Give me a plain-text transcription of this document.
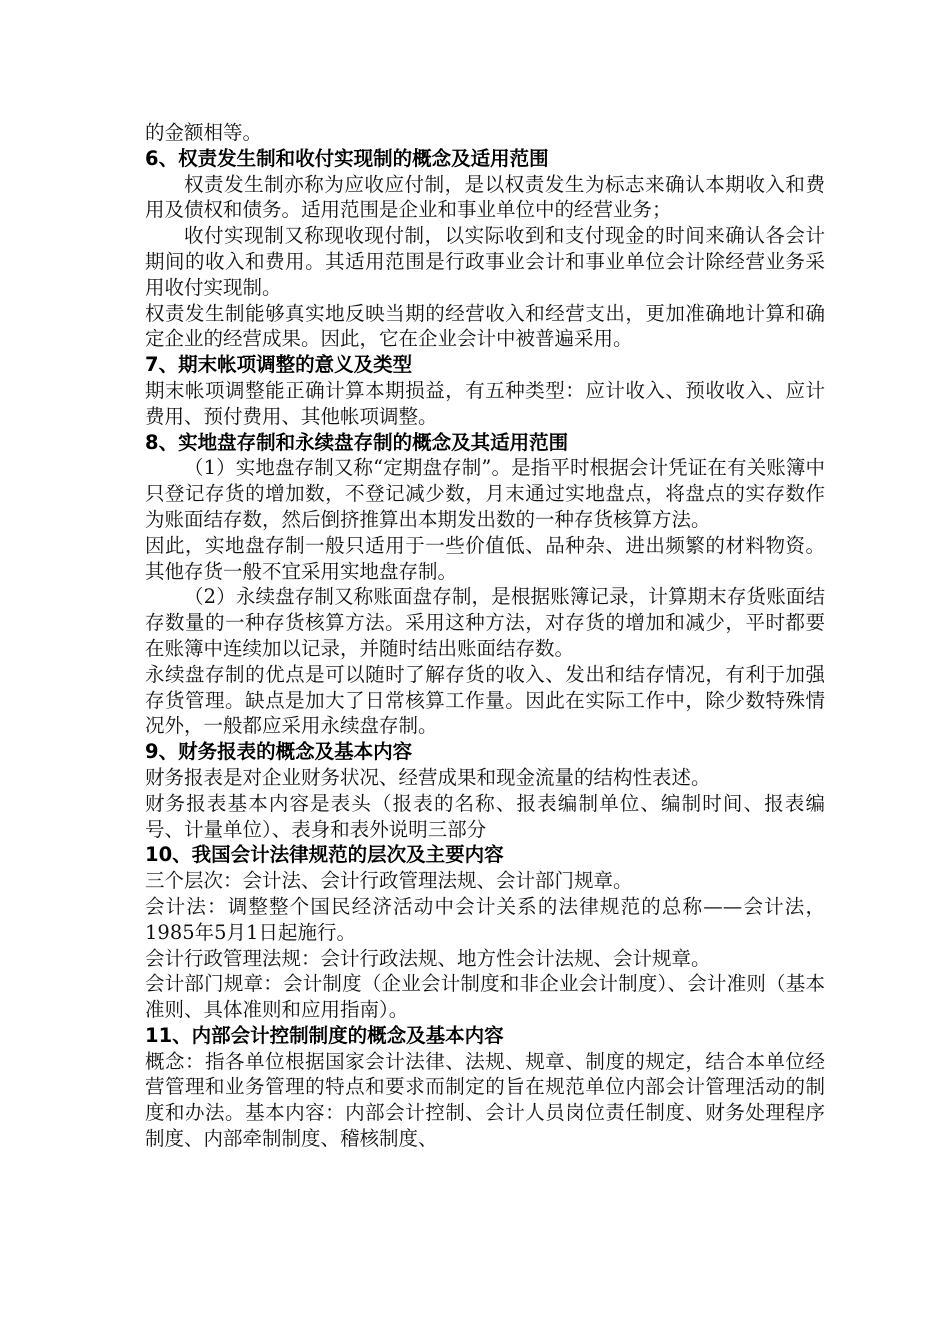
的金额相等。

6、权责发生制和收付实现制的概念及适用范围

权责发生制亦称为应收应付制，是以权责发生为标志来确认本期收入和费用及债权和债务。适用范围是企业和事业单位中的经营业务；

收付实现制又称现收现付制，以实际收到和支付现金的时间来确认各会计期间的收入和费用。其适用范围是行政事业会计和事业单位会计除经营业务采用收付实现制。

权责发生制能够真实地反映当期的经营收入和经营支出，更加准确地计算和确定企业的经营成果。因此，它在企业会计中被普遍采用。

7、期末帐项调整的意义及类型

期末帐项调整能正确计算本期损益，有五种类型：应计收入、预收收入、应计费用、预付费用、其他帐项调整。

8、实地盘存制和永续盘存制的概念及其适用范围

（1）实地盘存制又称“定期盘存制”。是指平时根据会计凭证在有关账簿中只登记存货的增加数，不登记减少数，月末通过实地盘点，将盘点的实存数作为账面结存数，然后倒挤推算出本期发出数的一种存货核算方法。

因此，实地盘存制一般只适用于一些价值低、品种杂、进出频繁的材料物资。其他存货一般不宜采用实地盘存制。

（2）永续盘存制又称账面盘存制，是根据账簿记录，计算期末存货账面结存数量的一种存货核算方法。采用这种方法，对存货的增加和减少，平时都要在账簿中连续加以记录，并随时结出账面结存数。

永续盘存制的优点是可以随时了解存货的收入、发出和结存情况，有利于加强存货管理。缺点是加大了日常核算工作量。因此在实际工作中，除少数特殊情况外，一般都应采用永续盘存制。

9、财务报表的概念及基本内容

财务报表是对企业财务状况、经营成果和现金流量的结构性表述。

财务报表基本内容是表头（报表的名称、报表编制单位、编制时间、报表编号、计量单位）、表身和表外说明三部分

10、我国会计法律规范的层次及主要内容

三个层次：会计法、会计行政管理法规、会计部门规章。

会计法：调整整个国民经济活动中会计关系的法律规范的总称——会计法，1985年5月1日起施行。

会计行政管理法规：会计行政法规、地方性会计法规、会计规章。

会计部门规章：会计制度（企业会计制度和非企业会计制度）、会计准则（基本准则、具体准则和应用指南）。

11、内部会计控制制度的概念及基本内容

概念：指各单位根据国家会计法律、法规、规章、制度的规定，结合本单位经营管理和业务管理的特点和要求而制定的旨在规范单位内部会计管理活动的制度和办法。基本内容：内部会计控制、会计人员岗位责任制度、财务处理程序制度、内部牵制制度、稽核制度、
